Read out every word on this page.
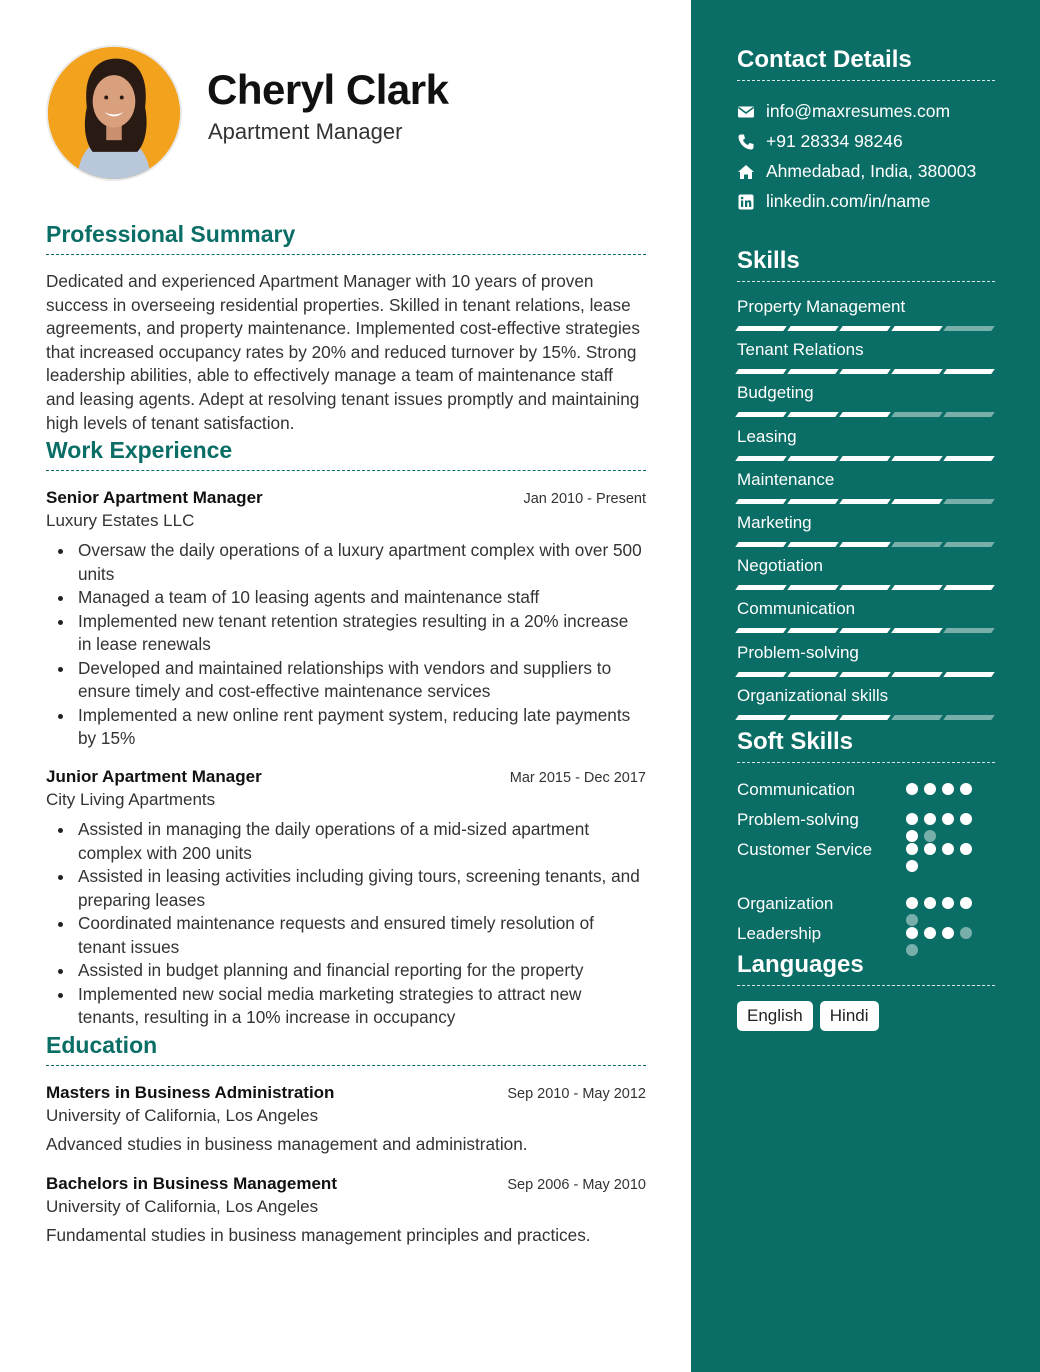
Cheryl Clark
Apartment Manager
Professional Summary
Dedicated and experienced Apartment Manager with 10 years of proven success in overseeing residential properties. Skilled in tenant relations, lease agreements, and property maintenance. Implemented cost-effective strategies that increased occupancy rates by 20% and reduced turnover by 15%. Strong leadership abilities, able to effectively manage a team of maintenance staff and leasing agents. Adept at resolving tenant issues promptly and maintaining high levels of tenant satisfaction.
Work Experience
Senior Apartment Manager	Jan 2010 - Present
Luxury Estates LLC
Oversaw the daily operations of a luxury apartment complex with over 500 units
Managed a team of 10 leasing agents and maintenance staff
Implemented new tenant retention strategies resulting in a 20% increase in lease renewals
Developed and maintained relationships with vendors and suppliers to ensure timely and cost-effective maintenance services
Implemented a new online rent payment system, reducing late payments by 15%
Junior Apartment Manager	Mar 2015 - Dec 2017
City Living Apartments
Assisted in managing the daily operations of a mid-sized apartment complex with 200 units
Assisted in leasing activities including giving tours, screening tenants, and preparing leases
Coordinated maintenance requests and ensured timely resolution of tenant issues
Assisted in budget planning and financial reporting for the property
Implemented new social media marketing strategies to attract new tenants, resulting in a 10% increase in occupancy
Education
Masters in Business Administration	Sep 2010 - May 2012
University of California, Los Angeles
Advanced studies in business management and administration.
Bachelors in Business Management	Sep 2006 - May 2010
University of California, Los Angeles
Fundamental studies in business management principles and practices.
Contact Details
info@maxresumes.com
+91 28334 98246
Ahmedabad, India, 380003
linkedin.com/in/name
Skills
Property Management
Tenant Relations
Budgeting
Leasing
Maintenance
Marketing
Negotiation
Communication
Problem-solving
Organizational skills
Soft Skills
Communication
Problem-solving
Customer Service
Organization
Leadership
Languages
English	Hindi
